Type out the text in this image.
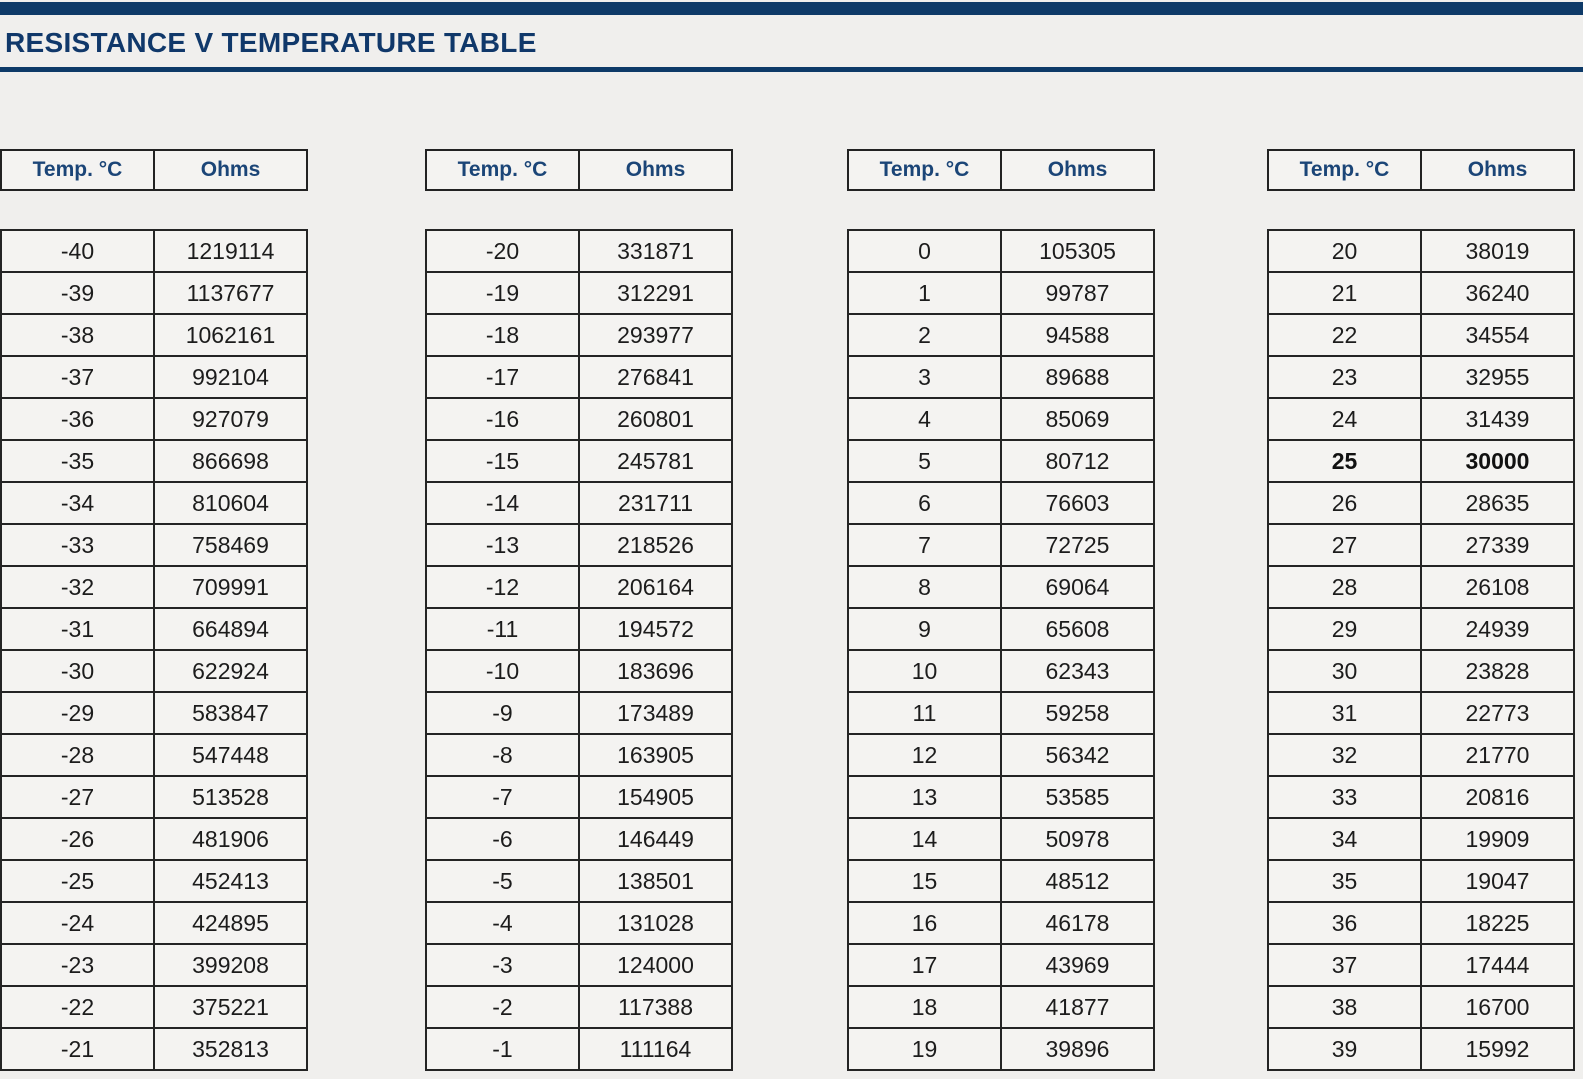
RESISTANCE V TEMPERATURE TABLE
Temp. °C	Ohms
-40	1219114
-39	1137677
-38	1062161
-37	992104
-36	927079
-35	866698
-34	810604
-33	758469
-32	709991
-31	664894
-30	622924
-29	583847
-28	547448
-27	513528
-26	481906
-25	452413
-24	424895
-23	399208
-22	375221
-21	352813
Temp. °C	Ohms
-20	331871
-19	312291
-18	293977
-17	276841
-16	260801
-15	245781
-14	231711
-13	218526
-12	206164
-11	194572
-10	183696
-9	173489
-8	163905
-7	154905
-6	146449
-5	138501
-4	131028
-3	124000
-2	117388
-1	111164
Temp. °C	Ohms
0	105305
1	99787
2	94588
3	89688
4	85069
5	80712
6	76603
7	72725
8	69064
9	65608
10	62343
11	59258
12	56342
13	53585
14	50978
15	48512
16	46178
17	43969
18	41877
19	39896
Temp. °C	Ohms
20	38019
21	36240
22	34554
23	32955
24	31439
25	30000
26	28635
27	27339
28	26108
29	24939
30	23828
31	22773
32	21770
33	20816
34	19909
35	19047
36	18225
37	17444
38	16700
39	15992
